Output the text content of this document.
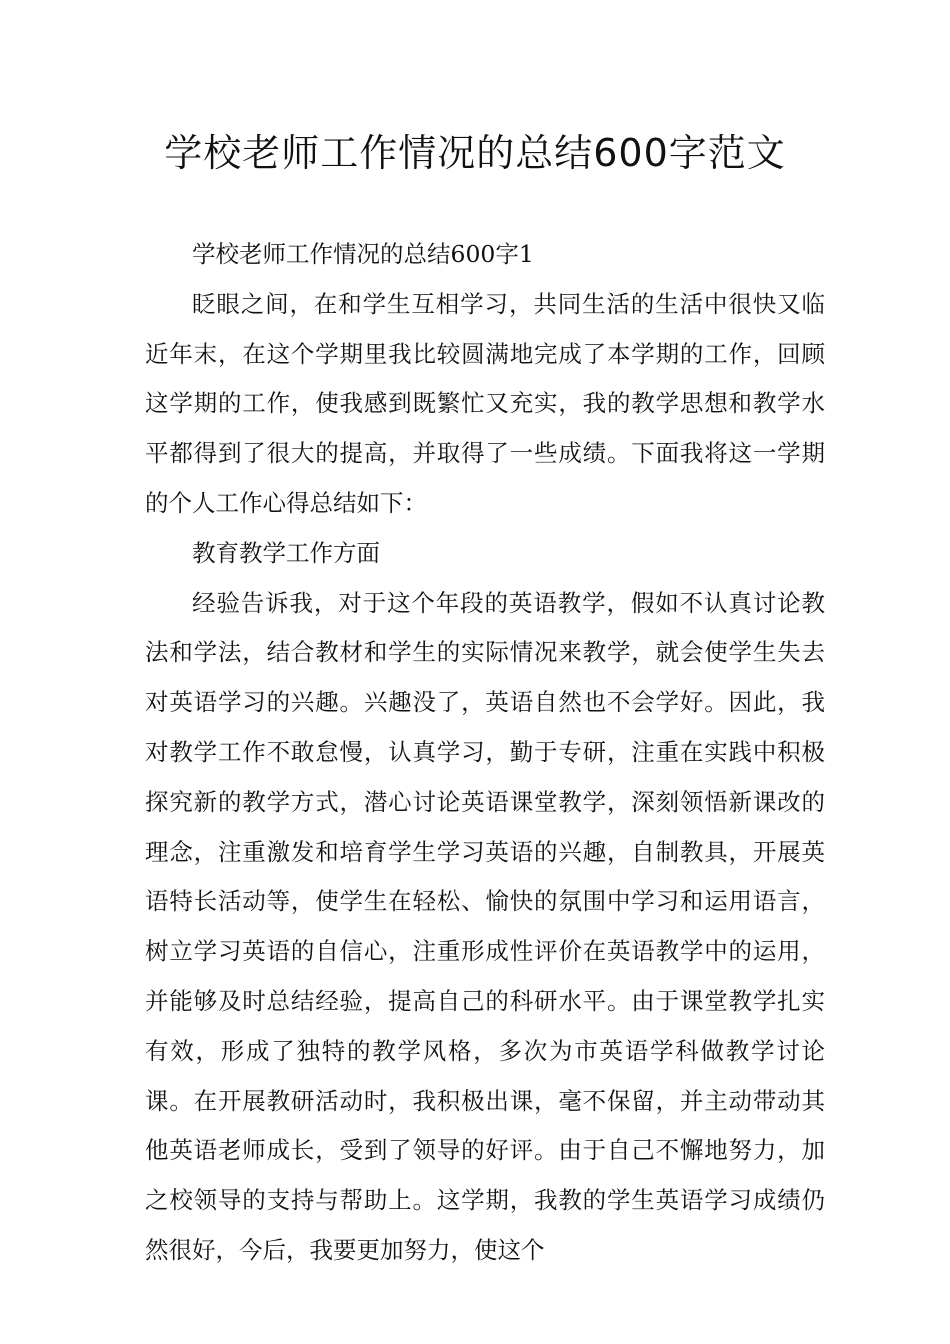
学校老师工作情况的总结600字范文

学校老师工作情况的总结600字1

眨眼之间，在和学生互相学习，共同生活的生活中很快又临近年末，在这个学期里我比较圆满地完成了本学期的工作，回顾这学期的工作，使我感到既繁忙又充实，我的教学思想和教学水平都得到了很大的提高，并取得了一些成绩。下面我将这一学期的个人工作心得总结如下：

教育教学工作方面

经验告诉我，对于这个年段的英语教学，假如不认真讨论教法和学法，结合教材和学生的实际情况来教学，就会使学生失去对英语学习的兴趣。兴趣没了，英语自然也不会学好。因此，我对教学工作不敢怠慢，认真学习，勤于专研，注重在实践中积极探究新的教学方式，潜心讨论英语课堂教学，深刻领悟新课改的理念，注重激发和培育学生学习英语的兴趣，自制教具，开展英语特长活动等，使学生在轻松、愉快的氛围中学习和运用语言，树立学习英语的自信心，注重形成性评价在英语教学中的运用，并能够及时总结经验，提高自己的科研水平。由于课堂教学扎实有效，形成了独特的教学风格，多次为市英语学科做教学讨论课。在开展教研活动时，我积极出课，毫不保留，并主动带动其他英语老师成长，受到了领导的好评。由于自己不懈地努力，加之校领导的支持与帮助上。这学期，我教的学生英语学习成绩仍然很好，今后，我要更加努力，使这个
